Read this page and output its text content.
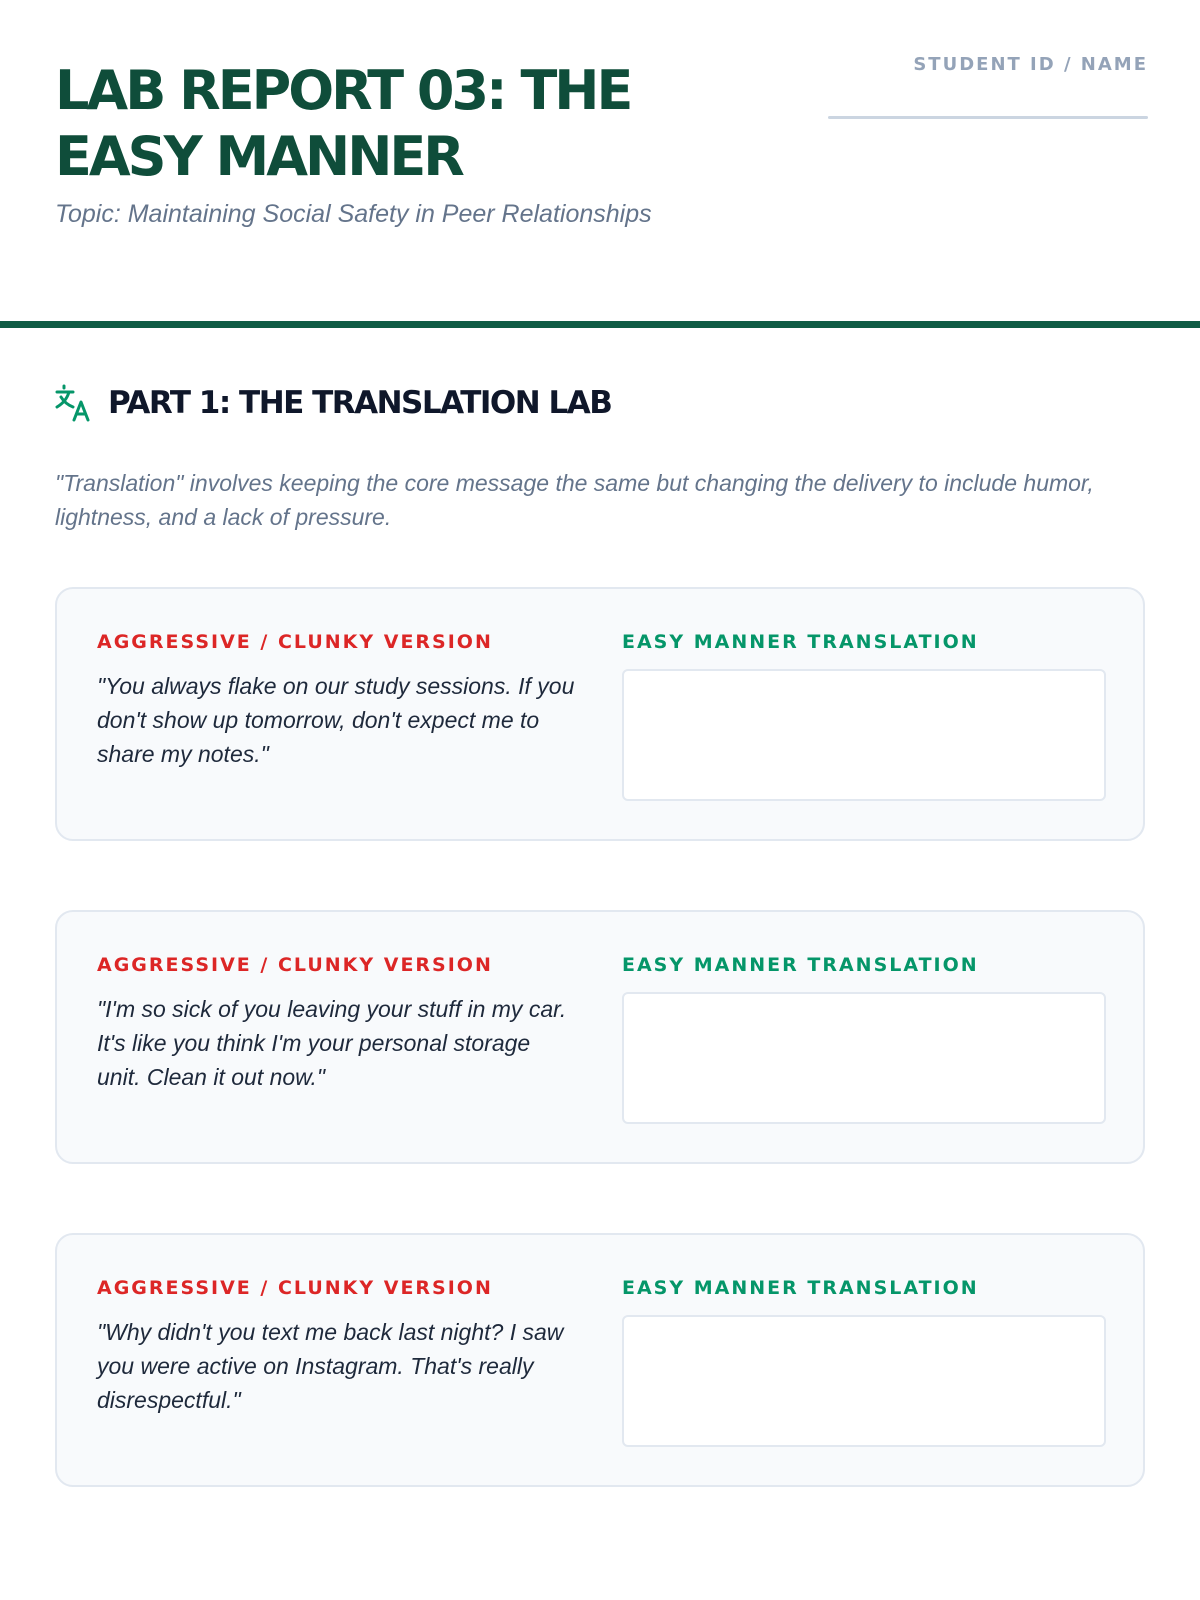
LAB REPORT 03: THE EASY MANNER

Topic: Maintaining Social Safety in Peer Relationships

STUDENT ID / NAME
PART 1: THE TRANSLATION LAB

"Translation" involves keeping the core message the same but changing the delivery to include humor, lightness, and a lack of pressure.

AGGRESSIVE / CLUNKY VERSION
"You always flake on our study sessions. If you don't show up tomorrow, don't expect me to share my notes."
EASY MANNER TRANSLATION
AGGRESSIVE / CLUNKY VERSION
"I'm so sick of you leaving your stuff in my car. It's like you think I'm your personal storage unit. Clean it out now."
EASY MANNER TRANSLATION
AGGRESSIVE / CLUNKY VERSION
"Why didn't you text me back last night? I saw you were active on Instagram. That's really disrespectful."
EASY MANNER TRANSLATION
